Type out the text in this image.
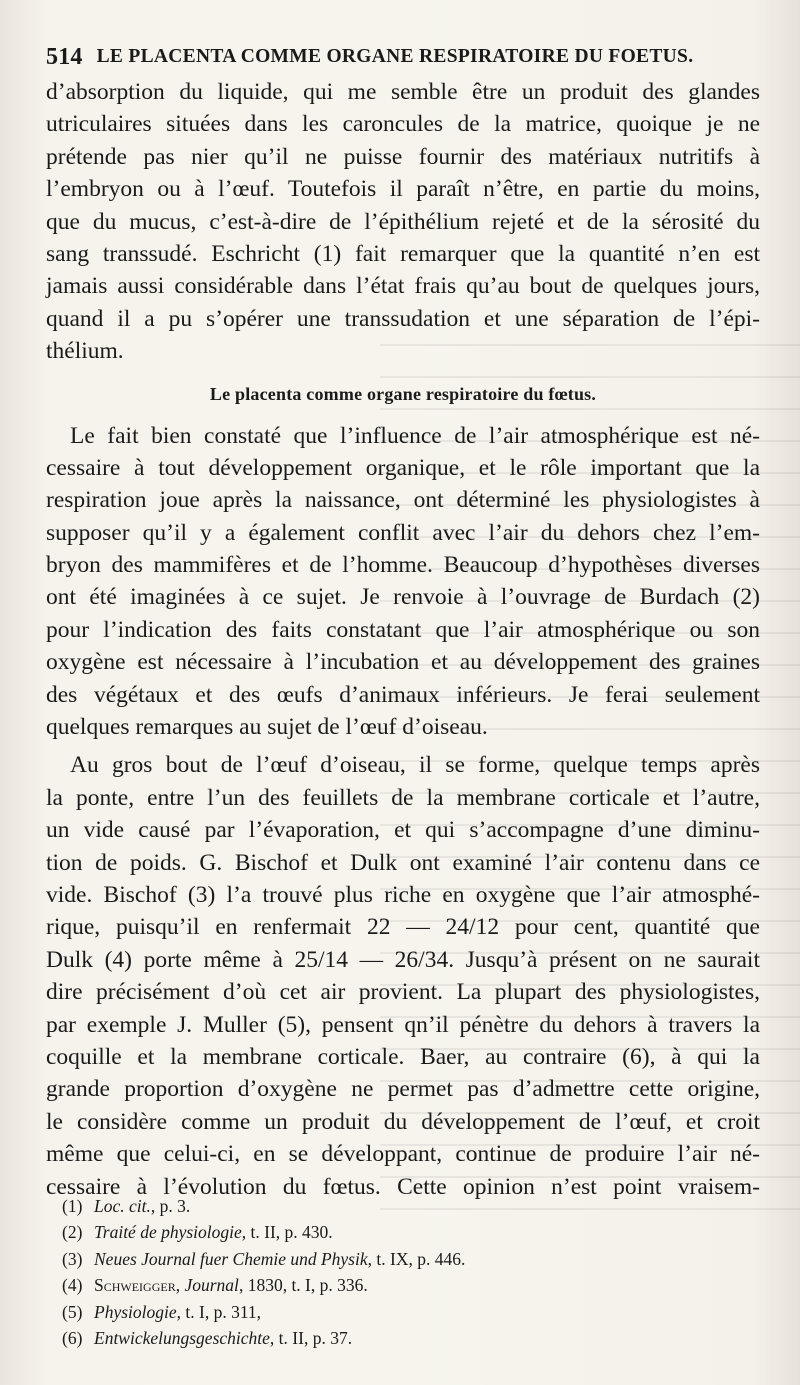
514 LE PLACENTA COMME ORGANE RESPIRATOIRE DU FOETUS.
d’absorption du liquide, qui me semble être un produit des glandes
utriculaires situées dans les caroncules de la matrice, quoique je ne
prétende pas nier qu’il ne puisse fournir des matériaux nutritifs à
l’embryon ou à l’œuf. Toutefois il paraît n’être, en partie du moins,
que du mucus, c’est-à-dire de l’épithélium rejeté et de la sérosité du
sang transsudé. Eschricht (1) fait remarquer que la quantité n’en est
jamais aussi considérable dans l’état frais qu’au bout de quelques jours,
quand il a pu s’opérer une transsudation et une séparation de l’épi-
thélium.
Le placenta comme organe respiratoire du fœtus.
Le fait bien constaté que l’influence de l’air atmosphérique est né-
cessaire à tout développement organique, et le rôle important que la
respiration joue après la naissance, ont déterminé les physiologistes à
supposer qu’il y a également conflit avec l’air du dehors chez l’em-
bryon des mammifères et de l’homme. Beaucoup d’hypothèses diverses
ont été imaginées à ce sujet. Je renvoie à l’ouvrage de Burdach (2)
pour l’indication des faits constatant que l’air atmosphérique ou son
oxygène est nécessaire à l’incubation et au développement des graines
des végétaux et des œufs d’animaux inférieurs. Je ferai seulement
quelques remarques au sujet de l’œuf d’oiseau.
Au gros bout de l’œuf d’oiseau, il se forme, quelque temps après
la ponte, entre l’un des feuillets de la membrane corticale et l’autre,
un vide causé par l’évaporation, et qui s’accompagne d’une diminu-
tion de poids. G. Bischof et Dulk ont examiné l’air contenu dans ce
vide. Bischof (3) l’a trouvé plus riche en oxygène que l’air atmosphé-
rique, puisqu’il en renfermait 22 — 24/12 pour cent, quantité que
Dulk (4) porte même à 25/14 — 26/34. Jusqu’à présent on ne saurait
dire précisément d’où cet air provient. La plupart des physiologistes,
par exemple J. Muller (5), pensent qn’il pénètre du dehors à travers la
coquille et la membrane corticale. Baer, au contraire (6), à qui la
grande proportion d’oxygène ne permet pas d’admettre cette origine,
le considère comme un produit du développement de l’œuf, et croit
même que celui-ci, en se développant, continue de produire l’air né-
cessaire à l’évolution du fœtus. Cette opinion n’est point vraisem-
(1) Loc. cit., p. 3.
(2) Traité de physiologie, t. II, p. 430.
(3) Neues Journal fuer Chemie und Physik, t. IX, p. 446.
(4) Schweigger, Journal, 1830, t. I, p. 336.
(5) Physiologie, t. I, p. 311,
(6) Entwickelungsgeschichte, t. II, p. 37.
